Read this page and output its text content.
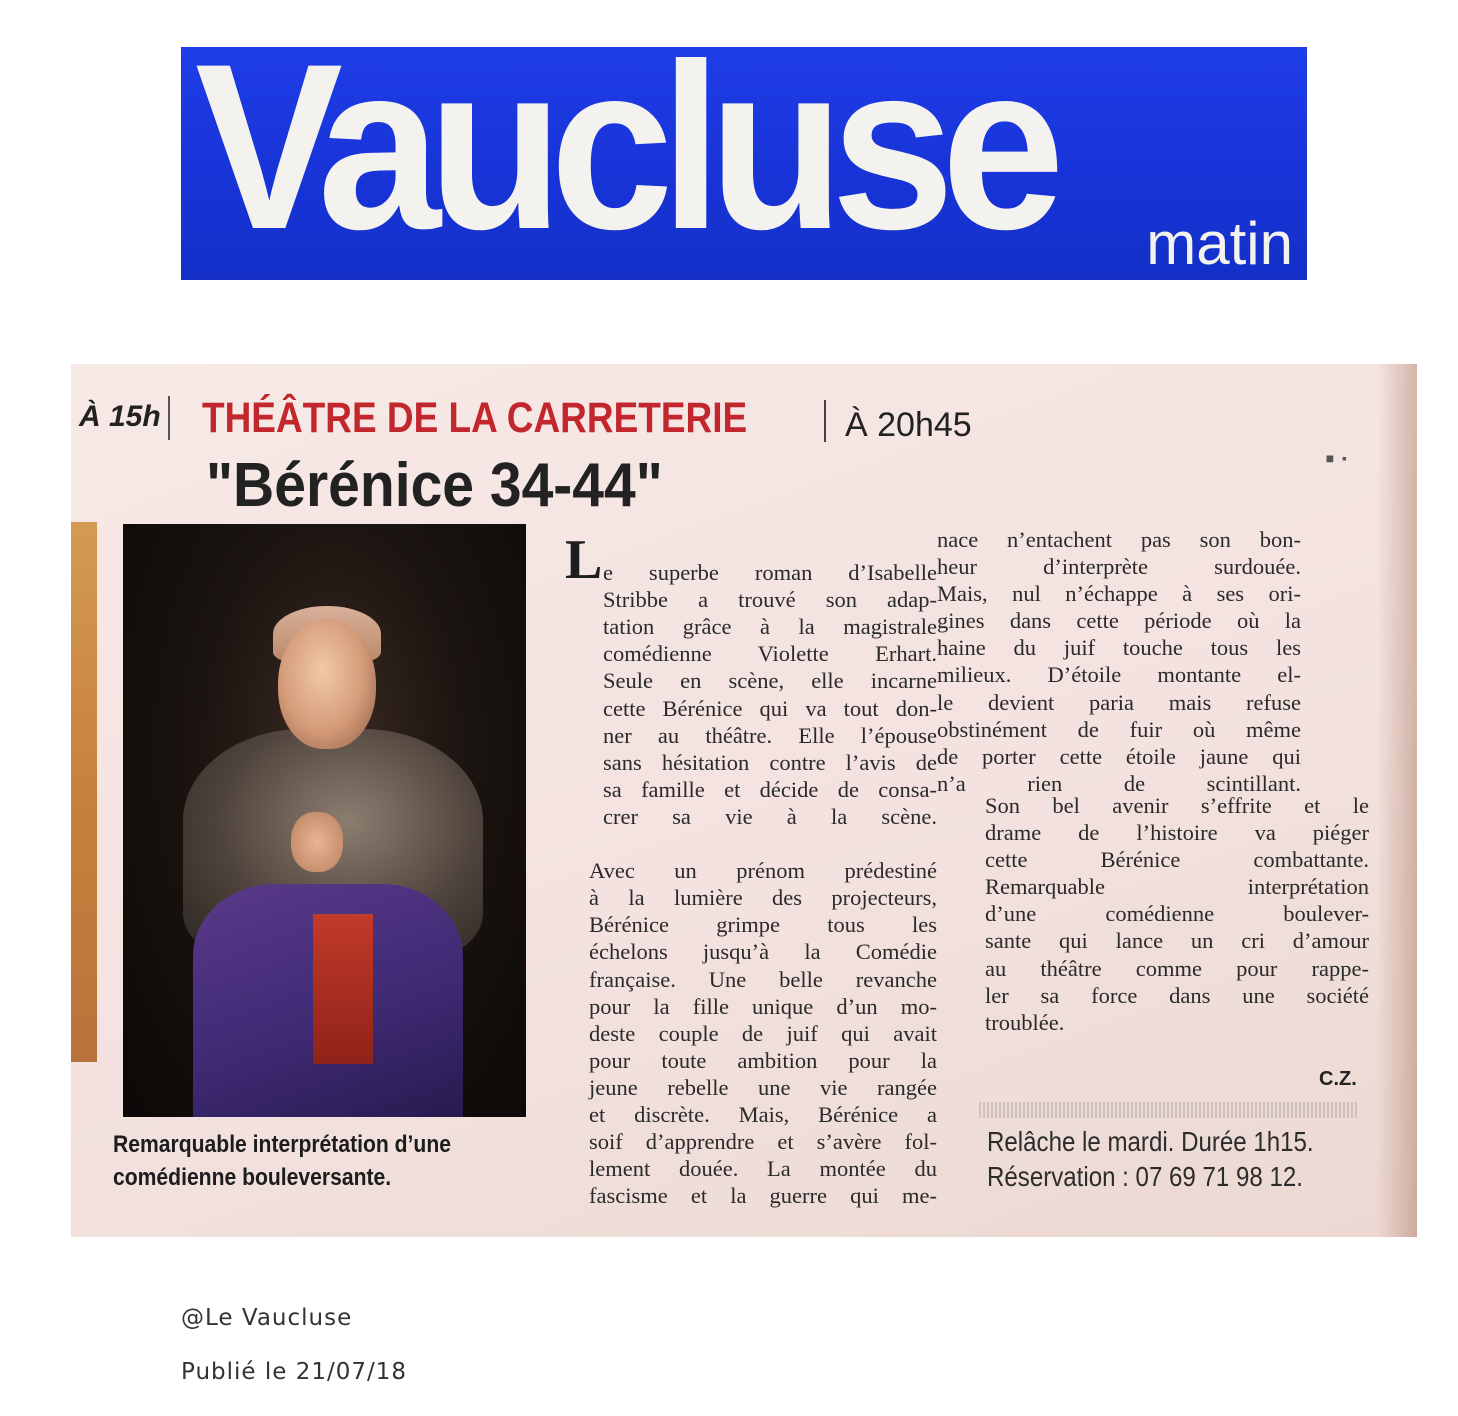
Vaucluse matin
À 15h THÉÂTRE DE LA CARRETERIE	À 20h45
"Bérénice 34-44"	■ ▪
Remarquable interprétation d’une comédienne bouleversante.
L e superbe roman d’Isabelle
Stribbe a trouvé son adap-
tation grâce à la magistrale
comédienne Violette Erhart.
Seule en scène, elle incarne
cette Bérénice qui va tout don-
ner au théâtre. Elle l’épouse
sans hésitation contre l’avis de
sa famille et décide de consa-
crer sa vie à la scène.

Avec un prénom prédestiné
à la lumière des projecteurs,
Bérénice grimpe tous les
échelons jusqu’à la Comédie
française. Une belle revanche
pour la fille unique d’un mo-
deste couple de juif qui avait
pour toute ambition pour la
jeune rebelle une vie rangée
et discrète. Mais, Bérénice a
soif d’apprendre et s’avère fol-
lement douée. La montée du
fascisme et la guerre qui me-

nace n’entachent pas son bon-
heur d’interprète surdouée.
Mais, nul n’échappe à ses ori-
gines dans cette période où la
haine du juif touche tous les
milieux. D’étoile montante el-
le devient paria mais refuse
obstinément de fuir où même
de porter cette étoile jaune qui
n’a rien de scintillant.
Son bel avenir s’effrite et le
drame de l’histoire va piéger
cette Bérénice combattante.
Remarquable interprétation
d’une comédienne boulever-
sante qui lance un cri d’amour
au théâtre comme pour rappe-
ler sa force dans une société
troublée.
C.Z.
Relâche le mardi. Durée 1h15.
Réservation : 07 69 71 98 12.
@Le Vaucluse
Publié le 21/07/18
